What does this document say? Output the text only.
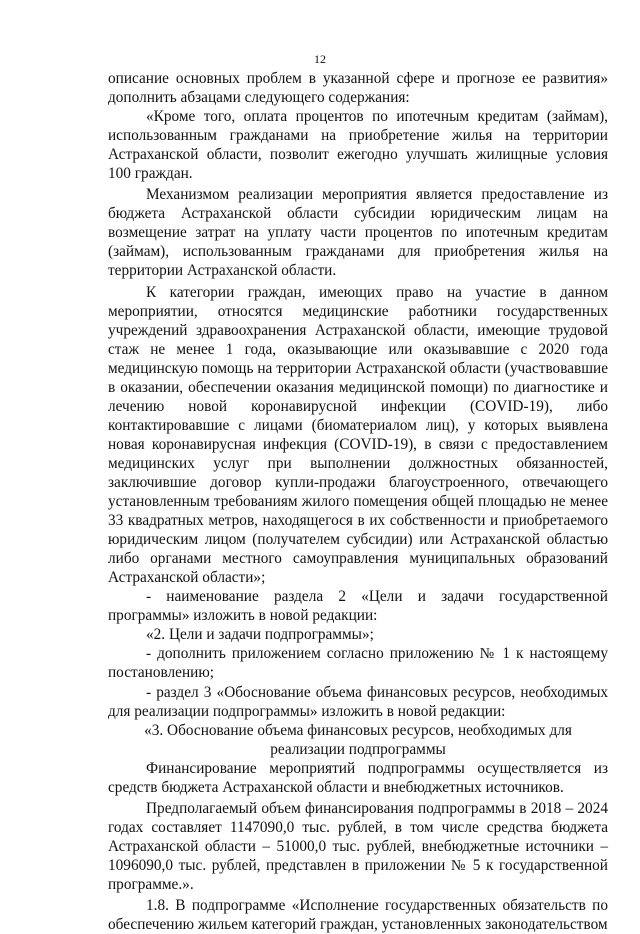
12

описание основных проблем в указанной сфере и прогнозе ее развития» дополнить абзацами следующего содержания:

«Кроме того, оплата процентов по ипотечным кредитам (займам), использованным гражданами на приобретение жилья на территории Астраханской области, позволит ежегодно улучшать жилищные условия 100 граждан.

Механизмом реализации мероприятия является предоставление из бюджета Астраханской области субсидии юридическим лицам на возмещение затрат на уплату части процентов по ипотечным кредитам (займам), использованным гражданами для приобретения жилья на территории Астраханской области.

К категории граждан, имеющих право на участие в данном мероприятии, относятся медицинские работники государственных учреждений здравоохранения Астраханской области, имеющие трудовой стаж не менее 1 года, оказывающие или оказывавшие с 2020 года медицинскую помощь на территории Астраханской области (участвовавшие в оказании, обеспечении оказания медицинской помощи) по диагностике и лечению новой коронавирусной инфекции (COVID-19), либо контактировавшие с лицами (биоматериалом лиц), у которых выявлена новая коронавирусная инфекция (COVID-19), в связи с предоставлением медицинских услуг при выполнении должностных обязанностей, заключившие договор купли-продажи благоустроенного, отвечающего установленным требованиям жилого помещения общей площадью не менее 33 квадратных метров, находящегося в их собственности и приобретаемого юридическим лицом (получателем субсидии) или Астраханской областью либо органами местного самоуправления муниципальных образований Астраханской области»;

- наименование раздела 2 «Цели и задачи государственной программы» изложить в новой редакции:

«2. Цели и задачи подпрограммы»;

- дополнить приложением согласно приложению № 1 к настоящему постановлению;

- раздел 3 «Обоснование объема финансовых ресурсов, необходимых для реализации подпрограммы» изложить в новой редакции:

«3. Обоснование объема финансовых ресурсов, необходимых для реализации подпрограммы

Финансирование мероприятий подпрограммы осуществляется из средств бюджета Астраханской области и внебюджетных источников.

Предполагаемый объем финансирования подпрограммы в 2018 – 2024 годах составляет 1147090,0 тыс. рублей, в том числе средства бюджета Астраханской области – 51000,0 тыс. рублей, внебюджетные источники – 1096090,0 тыс. рублей, представлен в приложении № 5 к государственной программе.».

1.8. В подпрограмме «Исполнение государственных обязательств по обеспечению жильем категорий граждан, установленных законодательством
